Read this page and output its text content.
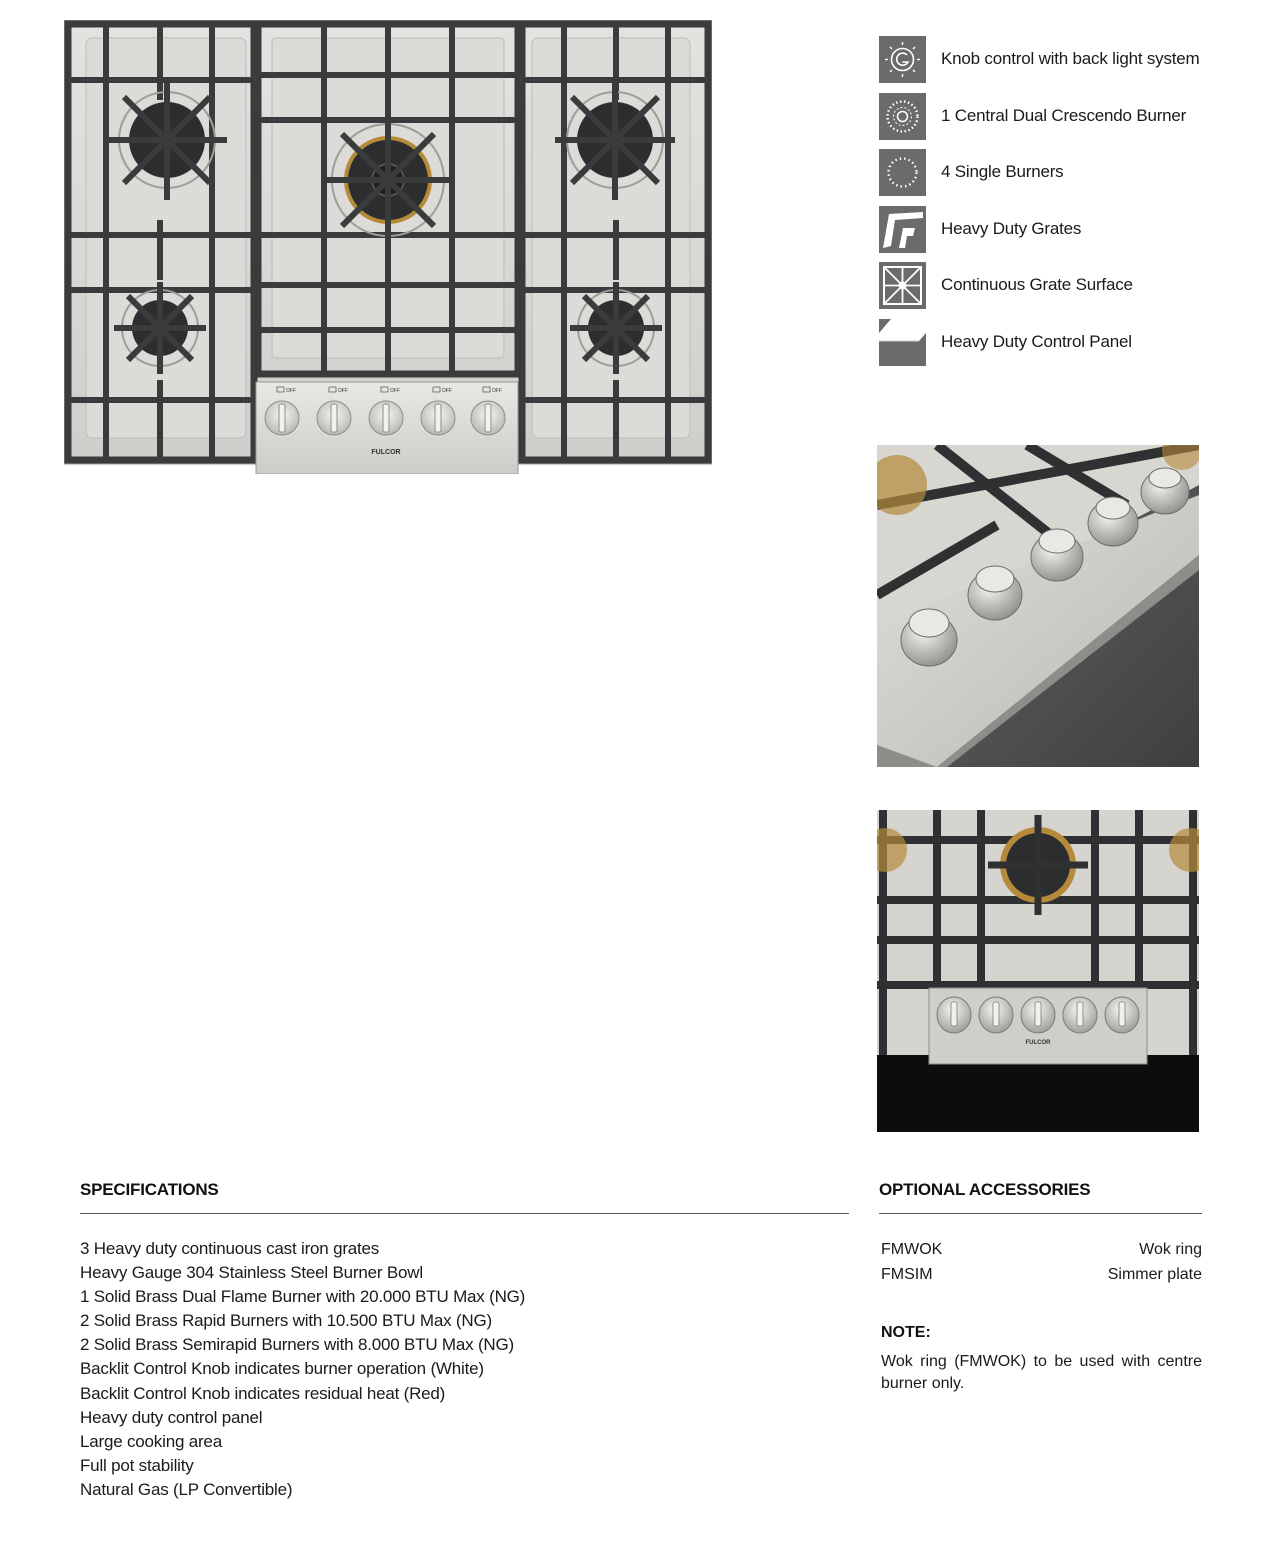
OFF	OFF	OFF	OFF	OFF
FULCOR
Knob control with back light system
1 Central Dual Crescendo Burner
4 Single Burners
Heavy Duty Grates
Continuous Grate Surface
Heavy Duty Control Panel
FULCOR
SPECIFICATIONS
3 Heavy duty continuous cast iron grates
Heavy Gauge 304 Stainless Steel Burner Bowl
1 Solid Brass Dual Flame Burner with 20.000 BTU Max (NG)
2 Solid Brass Rapid Burners with 10.500 BTU Max (NG)
2 Solid Brass Semirapid Burners with 8.000 BTU Max (NG)
Backlit Control Knob indicates burner operation (White)
Backlit Control Knob indicates residual heat (Red)
Heavy duty control panel
Large cooking area
Full pot stability
Natural Gas (LP Convertible)
OPTIONAL ACCESSORIES
FMWOK	Wok ring
FMSIM	Simmer plate
NOTE:
Wok ring (FMWOK) to be used with centre burner only.
